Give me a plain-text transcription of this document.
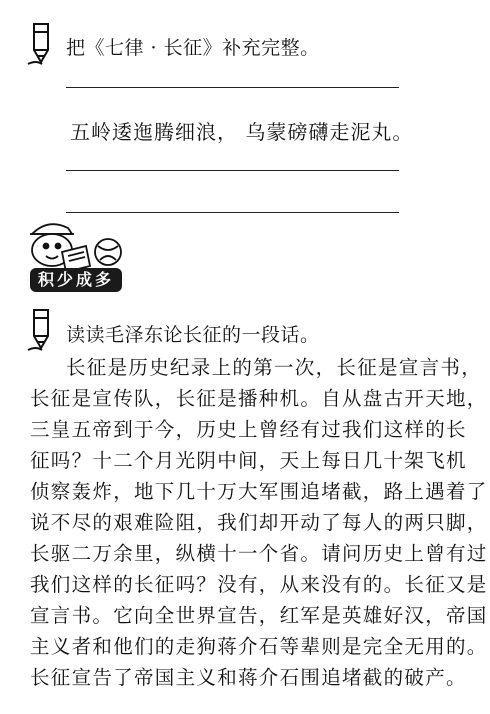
把《七律 · 长征》补充完整。
五岭逶迤腾细浪， 乌蒙磅礴走泥丸。
积少成多
读读毛泽东论长征的一段话。
长征是历史纪录上的第一次，长征是宣言书，
长征是宣传队，长征是播种机。自从盘古开天地，
三皇五帝到于今，历史上曾经有过我们这样的长
征吗？十二个月光阴中间，天上每日几十架飞机
侦察轰炸，地下几十万大军围追堵截，路上遇着了
说不尽的艰难险阻，我们却开动了每人的两只脚，
长驱二万余里，纵横十一个省。请问历史上曾有过
我们这样的长征吗？没有，从来没有的。长征又是
宣言书。它向全世界宣告，红军是英雄好汉，帝国
主义者和他们的走狗蒋介石等辈则是完全无用的。
长征宣告了帝国主义和蒋介石围追堵截的破产。
